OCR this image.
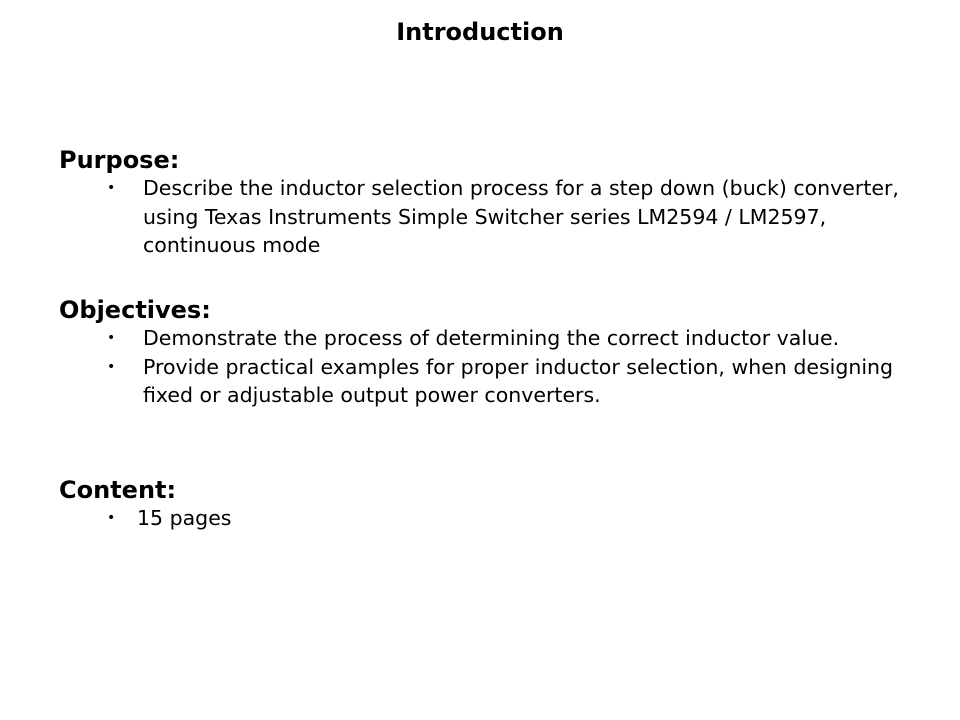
Introduction
Purpose:
• Describe the inductor selection process for a step down (buck) converter, using Texas Instruments Simple Switcher series LM2594 / LM2597, continuous mode
Objectives:
• Demonstrate the process of determining the correct inductor value.
• Provide practical examples for proper inductor selection, when designing fixed or adjustable output power converters.
Content:
• 15 pages
